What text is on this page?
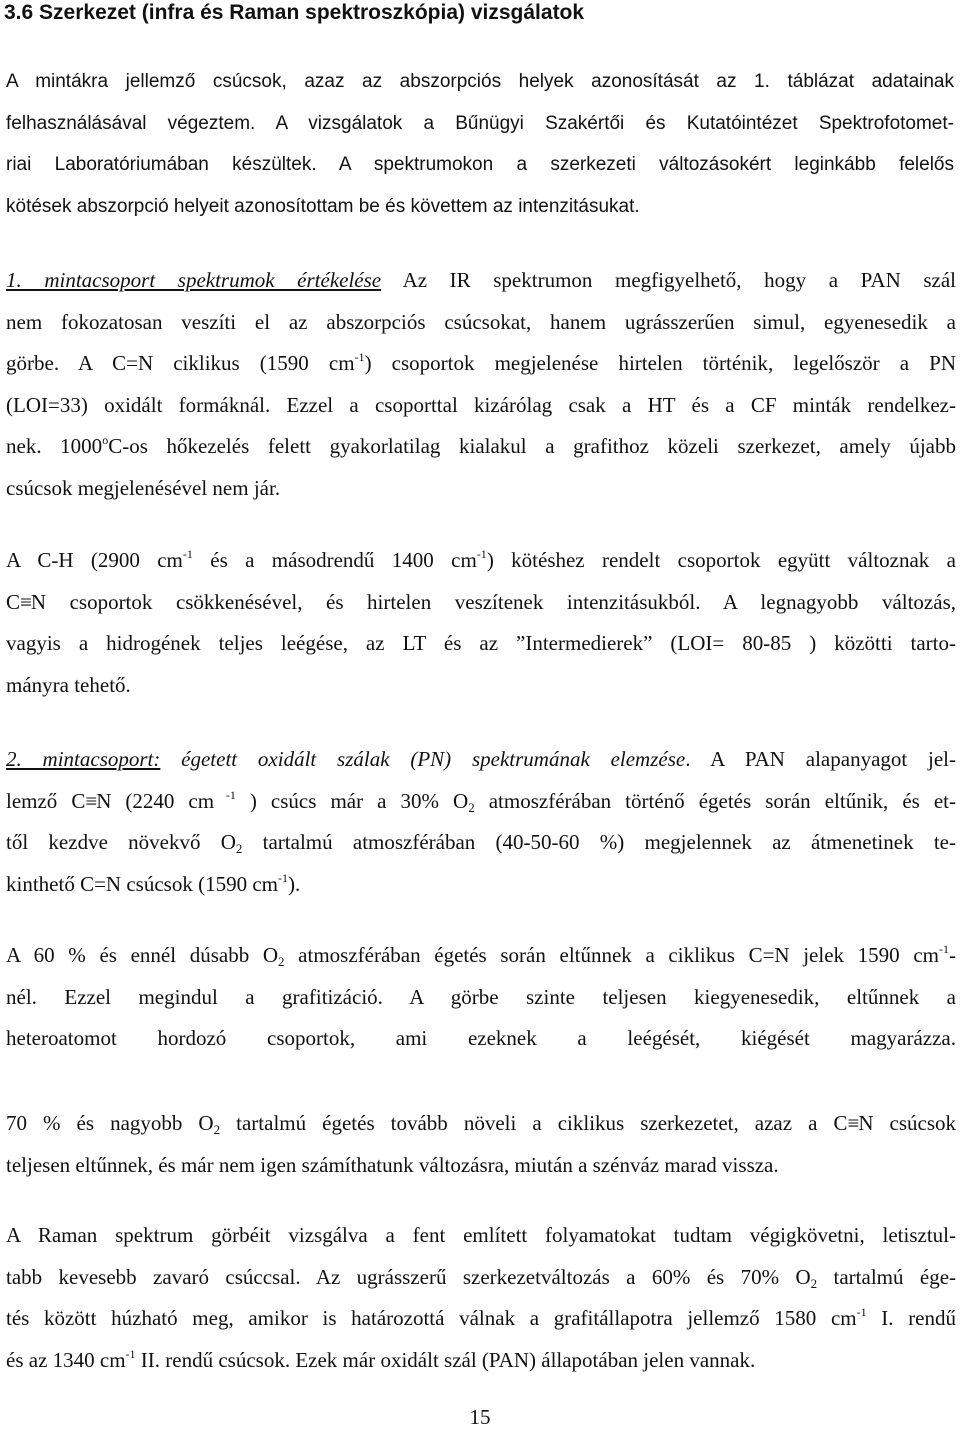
3.6 Szerkezet (infra és Raman spektroszkópia) vizsgálatok
A mintákra jellemző csúcsok, azaz az abszorpciós helyek azonosítását az 1. táblázat adatainak
felhasználásával végeztem. A vizsgálatok a Bűnügyi Szakértői és Kutatóintézet Spektrofotomet-
riai Laboratóriumában készültek. A spektrumokon a szerkezeti változásokért leginkább felelős
kötések abszorpció helyeit azonosítottam be és követtem az intenzitásukat.
1. mintacsoport spektrumok értékelése Az IR spektrumon megfigyelhető, hogy a PAN szál
nem fokozatosan veszíti el az abszorpciós csúcsokat, hanem ugrásszerűen simul, egyenesedik a
görbe. A C=N ciklikus (1590 $cm^{-1}$) csoportok megjelenése hirtelen történik, legelőször a PN
(LOI=33) oxidált formáknál. Ezzel a csoporttal kizárólag csak a HT és a CF minták rendelkez-
nek. 1000$^o$C-os hőkezelés felett gyakorlatilag kialakul a grafithoz közeli szerkezet, amely újabb
csúcsok megjelenésével nem jár.
A C-H (2900 $cm^{-1}$ és a másodrendű 1400 $cm^{-1}$) kötéshez rendelt csoportok együtt változnak a
C≡N csoportok csökkenésével, és hirtelen veszítenek intenzitásukból. A legnagyobb változás,
vagyis a hidrogének teljes leégése, az LT és az ”Intermedierek” (LOI= 80-85 ) közötti tarto-
mányra tehető.
2. mintacsoport: égetett oxidált szálak (PN) spektrumának elemzése. A PAN alapanyagot jel-
lemző C≡N (2240 cm $^{-1}$ ) csúcs már a 30% $O_2$ atmoszférában történő égetés során eltűnik, és et-
től kezdve növekvő $O_2$ tartalmú atmoszférában (40-50-60 %) megjelennek az átmenetinek te-
kinthető C=N csúcsok (1590 $cm^{-1}$).
A 60 % és ennél dúsabb $O_2$ atmoszférában égetés során eltűnnek a ciklikus C=N jelek 1590 $cm^{-1}-$
nél. Ezzel megindul a grafitizáció. A görbe szinte teljesen kiegyenesedik, eltűnnek a
heteroatomot hordozó csoportok, ami ezeknek a leégését, kiégését magyarázza.
70 % és nagyobb $O_2$ tartalmú égetés tovább növeli a ciklikus szerkezetet, azaz a C≡N csúcsok
teljesen eltűnnek, és már nem igen számíthatunk változásra, miután a szénváz marad vissza.
A Raman spektrum görbéit vizsgálva a fent említett folyamatokat tudtam végigkövetni, letisztul-
tabb kevesebb zavaró csúccsal. Az ugrásszerű szerkezetváltozás a 60% és 70% $O_2$ tartalmú ége-
tés között húzható meg, amikor is határozottá válnak a grafitállapotra jellemző 1580 $cm^{-1}$ I. rendű
és az 1340 $cm^{-1}$ II. rendű csúcsok. Ezek már oxidált szál (PAN) állapotában jelen vannak.
15
